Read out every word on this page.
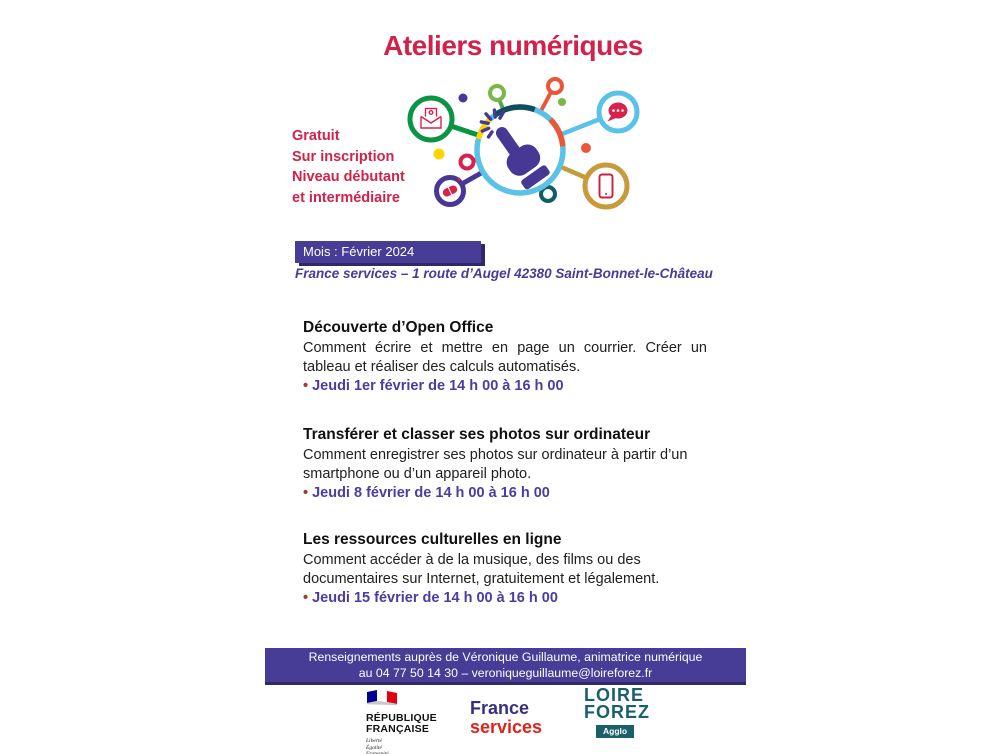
Ateliers numériques
Gratuit
Sur inscription
Niveau débutant
et intermédiaire
Mois : Février 2024
France services – 1 route d’Augel 42380 Saint-Bonnet-le-Château
Découverte d’Open Office

Comment écrire et mettre en page un courrier. Créer un tableau et réaliser des calculs automatisés.

• Jeudi 1er février de 14 h 00 à 16 h 00

Transférer et classer ses photos sur ordinateur

Comment enregistrer ses photos sur ordinateur à partir d’un smartphone ou d’un appareil photo.

• Jeudi 8 février de 14 h 00 à 16 h 00

Les ressources culturelles en ligne

Comment accéder à de la musique, des films ou des documentaires sur Internet, gratuitement et légalement.

• Jeudi 15 février de 14 h 00 à 16 h 00

Renseignements auprès de Véronique Guillaume, animatrice numérique
au 04 77 50 14 30 – veroniqueguillaume@loireforez.fr
RÉPUBLIQUE
FRANÇAISE
Liberté
Égalité
Fraternité
France
services
LOIRE
FOREZ
Agglo
